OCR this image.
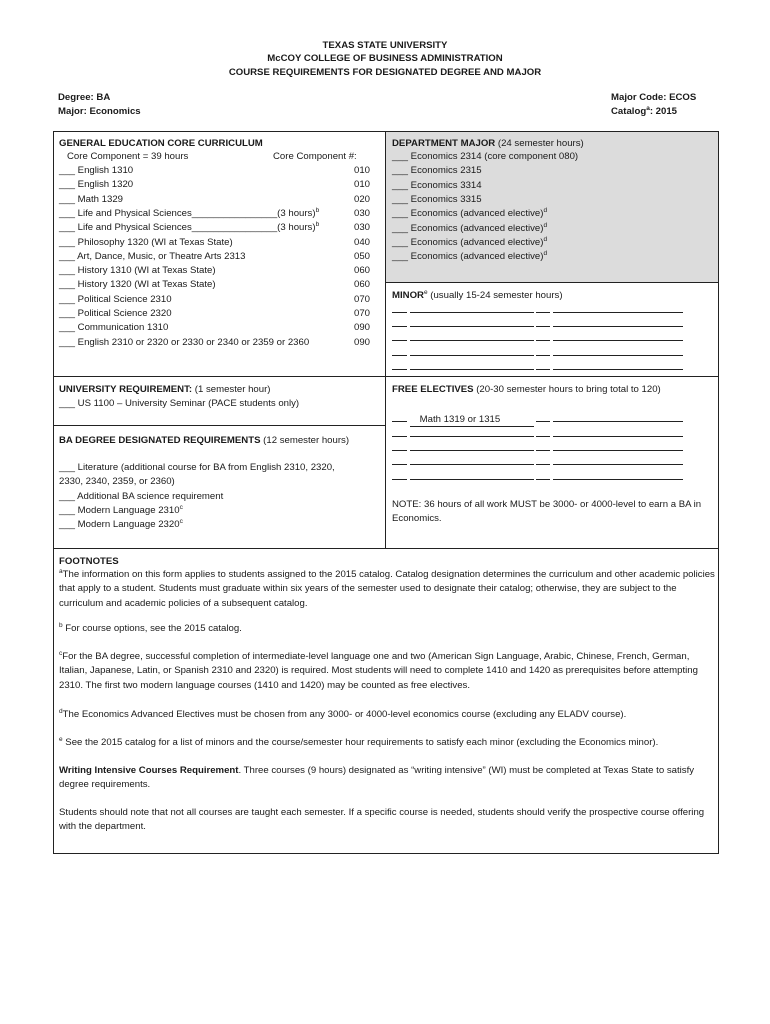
TEXAS STATE UNIVERSITY
McCOY COLLEGE OF BUSINESS ADMINISTRATION
COURSE REQUIREMENTS FOR DESIGNATED DEGREE AND MAJOR
Degree: BA
Major: Economics
Major Code: ECOS
Catalog$^a$: 2015
GENERAL EDUCATION CORE CURRICULUM
Core Component = 39 hours	Core Component #:
___ English 1310	010
___ English 1320	010
___ Math 1329	020
___ Life and Physical Sciences________________(3 hours)$^b$	030
___ Life and Physical Sciences________________(3 hours)$^b$	030
___ Philosophy 1320 (WI at Texas State)	040
___ Art, Dance, Music, or Theatre Arts 2313	050
___ History 1310 (WI at Texas State)	060
___ History 1320 (WI at Texas State)	060
___ Political Science 2310	070
___ Political Science 2320	070
___ Communication 1310	090
___ English 2310 or 2320 or 2330 or 2340 or 2359 or 2360	090
DEPARTMENT MAJOR (24 semester hours)
___ Economics 2314 (core component 080)
___ Economics 2315
___ Economics 3314
___ Economics 3315
___ Economics (advanced elective)$^d$
___ Economics (advanced elective)$^d$
___ Economics (advanced elective)$^d$
___ Economics (advanced elective)$^d$
MINOR$^e$ (usually 15-24 semester hours)

UNIVERSITY REQUIREMENT: (1 semester hour)
___ US 1100 – University Seminar (PACE students only)
BA DEGREE DESIGNATED REQUIREMENTS (12 semester hours)
___ Literature (additional course for BA from English 2310, 2320,
2330, 2340, 2359, or 2360)
___ Additional BA science requirement
___ Modern Language 2310$^c$
___ Modern Language 2320$^c$
FREE ELECTIVES (20-30 semester hours to bring total to 120)
Math 1319 or 1315

NOTE: 36 hours of all work MUST be 3000- or 4000-level to earn a BA in Economics.
FOOTNOTES
$^a$The information on this form applies to students assigned to the 2015 catalog. Catalog designation determines the curriculum and other academic policies that apply to a student. Students must graduate within six years of the semester used to designate their catalog; otherwise, they are subject to the curriculum and academic policies of a subsequent catalog.
$^b$ For course options, see the 2015 catalog.
$^c$For the BA degree, successful completion of intermediate-level language one and two (American Sign Language, Arabic, Chinese, French, German, Italian, Japanese, Latin, or Spanish 2310 and 2320) is required. Most students will need to complete 1410 and 1420 as prerequisites before attempting 2310. The first two modern language courses (1410 and 1420) may be counted as free electives.
$^d$The Economics Advanced Electives must be chosen from any 3000- or 4000-level economics course (excluding any ELADV course).
$^e$ See the 2015 catalog for a list of minors and the course/semester hour requirements to satisfy each minor (excluding the Economics minor).
Writing Intensive Courses Requirement. Three courses (9 hours) designated as “writing intensive” (WI) must be completed at Texas State to satisfy degree requirements.
Students should note that not all courses are taught each semester. If a specific course is needed, students should verify the prospective course offering with the department.
